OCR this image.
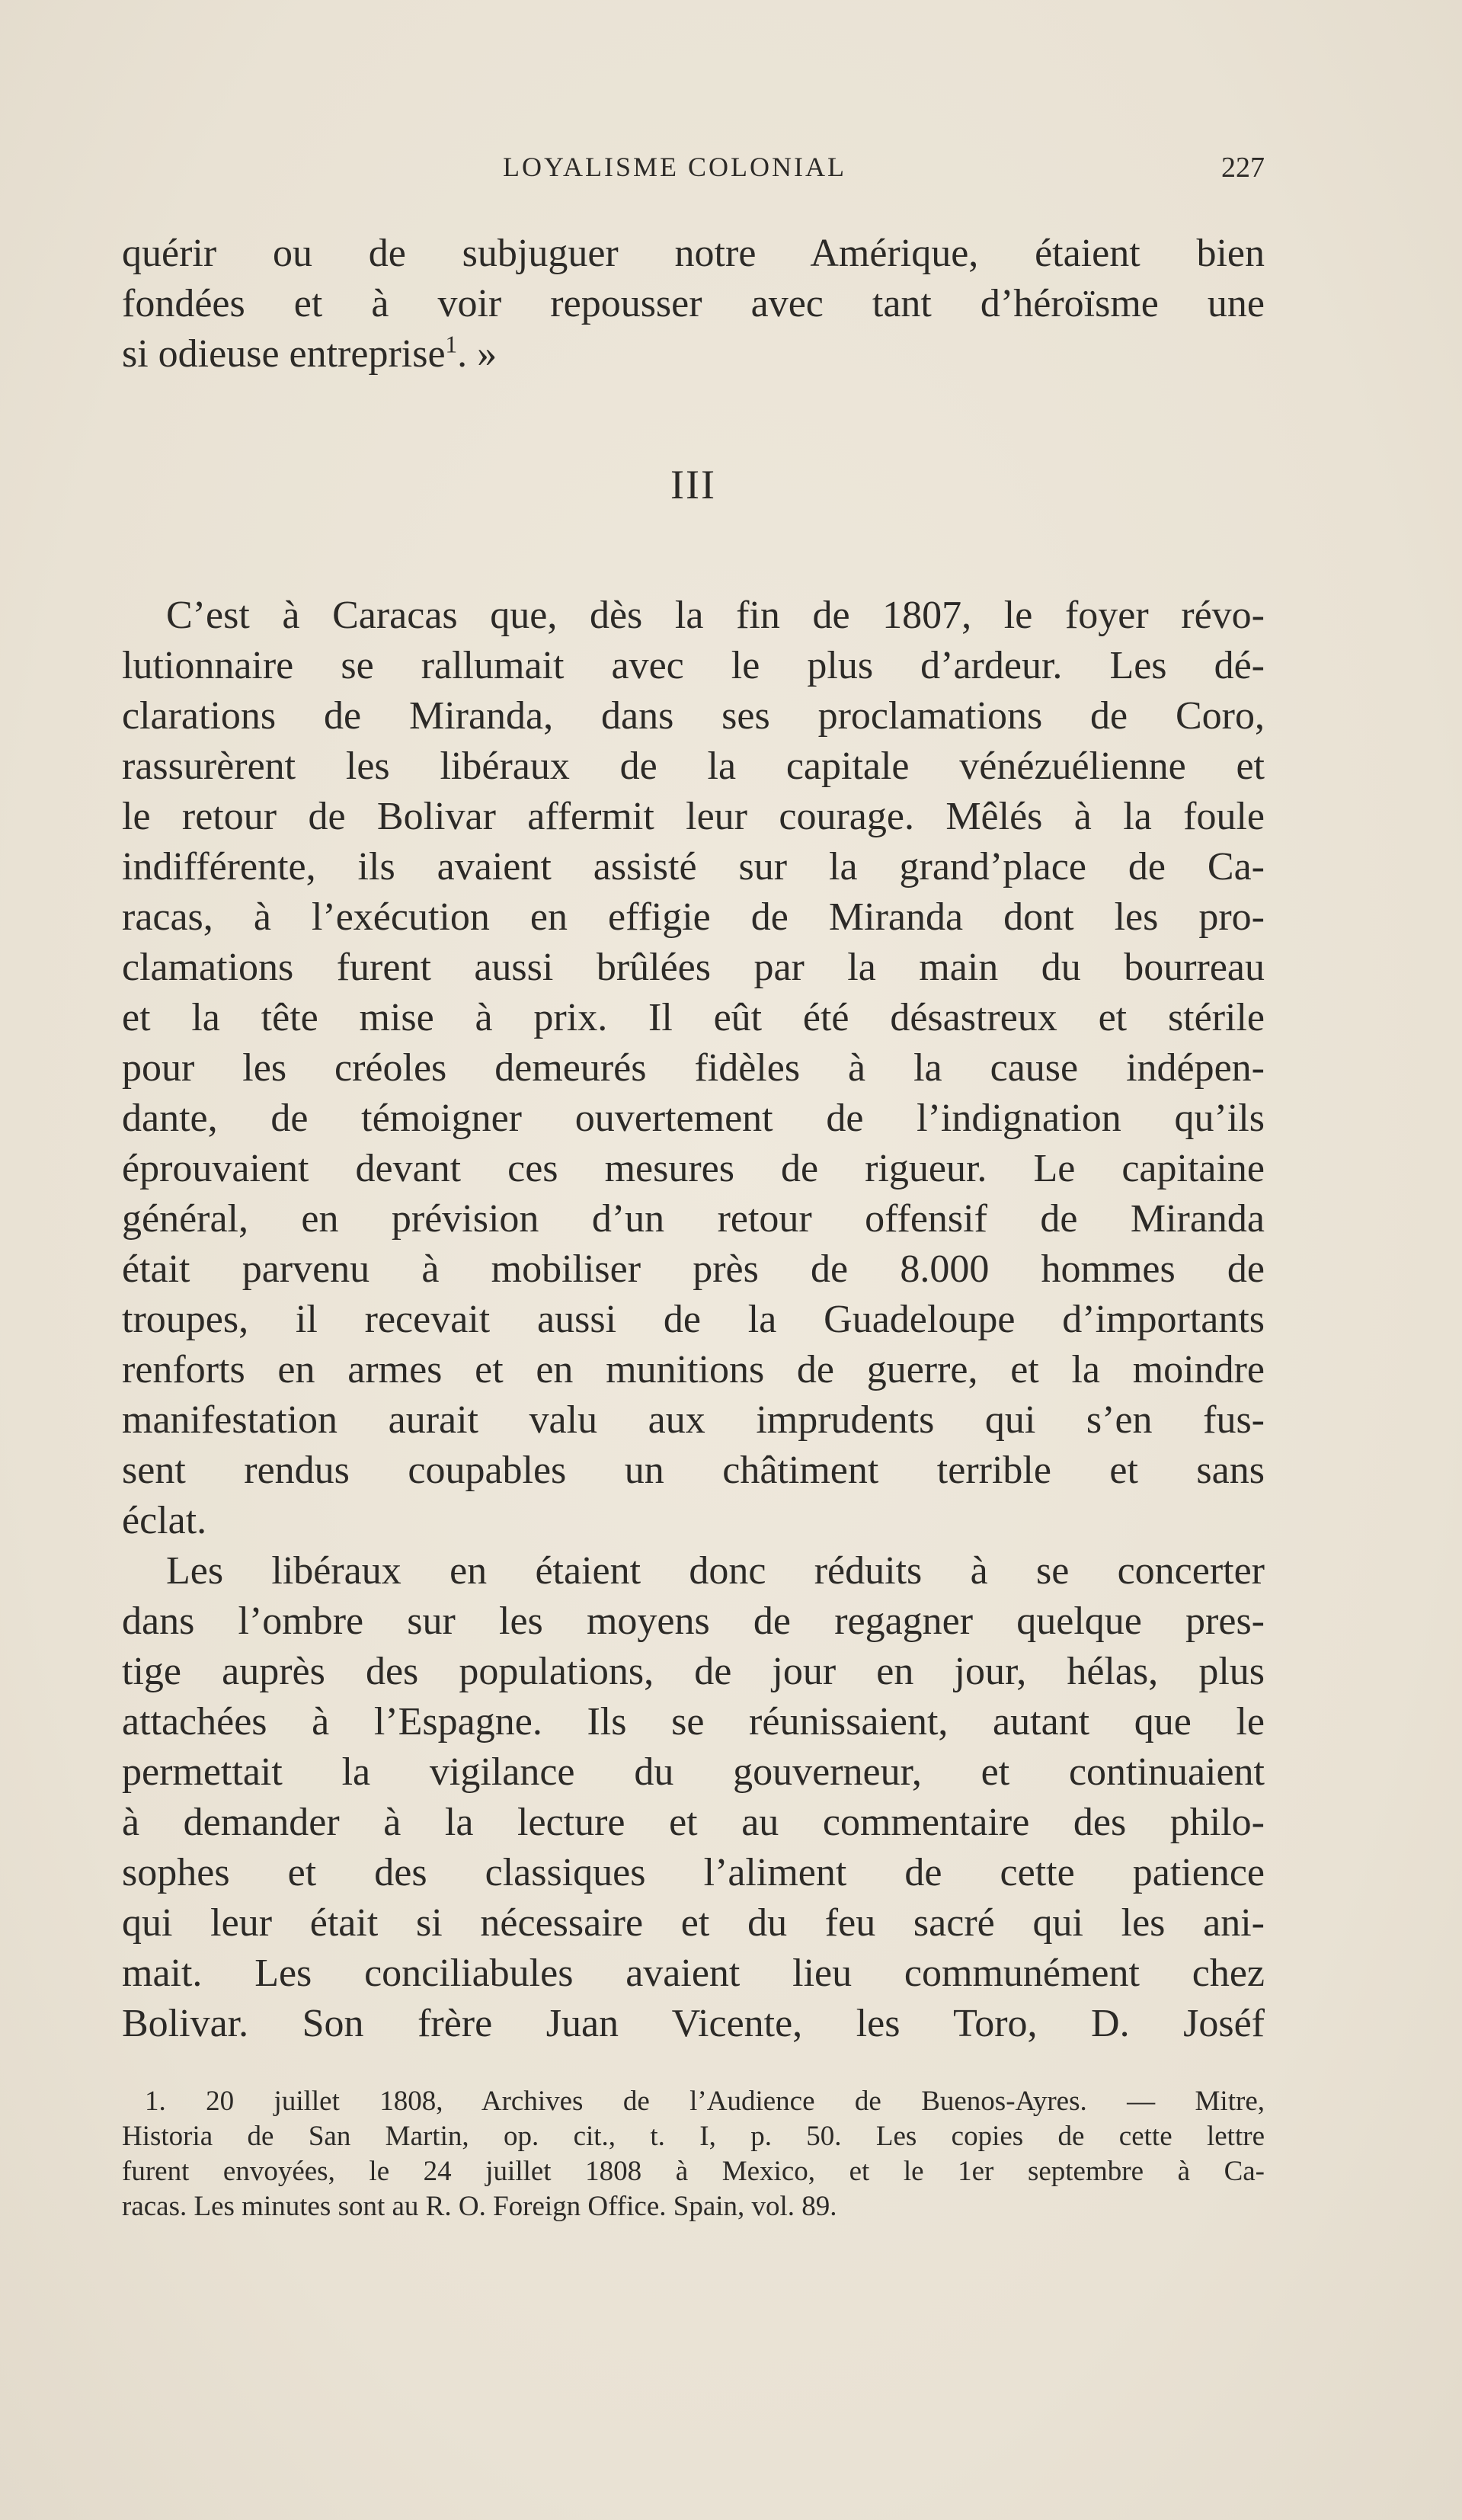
LOYALISME COLONIAL	227
quérir ou de subjuguer notre Amérique, étaient bien
fondées et à voir repousser avec tant d’héroïsme une
si odieuse entreprise$^1$. »
III
C’est à Caracas que, dès la fin de 1807, le foyer révo-
lutionnaire se rallumait avec le plus d’ardeur. Les dé-
clarations de Miranda, dans ses proclamations de Coro,
rassurèrent les libéraux de la capitale vénézuélienne et
le retour de Bolivar affermit leur courage. Mêlés à la foule
indifférente, ils avaient assisté sur la grand’place de Ca-
racas, à l’exécution en effigie de Miranda dont les pro-
clamations furent aussi brûlées par la main du bourreau
et la tête mise à prix. Il eût été désastreux et stérile
pour les créoles demeurés fidèles à la cause indépen-
dante, de témoigner ouvertement de l’indignation qu’ils
éprouvaient devant ces mesures de rigueur. Le capitaine
général, en prévision d’un retour offensif de Miranda
était parvenu à mobiliser près de 8.000 hommes de
troupes, il recevait aussi de la Guadeloupe d’importants
renforts en armes et en munitions de guerre, et la moindre
manifestation aurait valu aux imprudents qui s’en fus-
sent rendus coupables un châtiment terrible et sans
éclat.
Les libéraux en étaient donc réduits à se concerter
dans l’ombre sur les moyens de regagner quelque pres-
tige auprès des populations, de jour en jour, hélas, plus
attachées à l’Espagne. Ils se réunissaient, autant que le
permettait la vigilance du gouverneur, et continuaient
à demander à la lecture et au commentaire des philo-
sophes et des classiques l’aliment de cette patience
qui leur était si nécessaire et du feu sacré qui les ani-
mait. Les conciliabules avaient lieu communément chez
Bolivar. Son frère Juan Vicente, les Toro, D. Joséf
1. 20 juillet 1808, Archives de l’Audience de Buenos-Ayres. — Mitre,
Historia de San Martin, op. cit., t. I, p. 50. Les copies de cette lettre
furent envoyées, le 24 juillet 1808 à Mexico, et le 1er septembre à Ca-
racas. Les minutes sont au R. O. Foreign Office. Spain, vol. 89.
